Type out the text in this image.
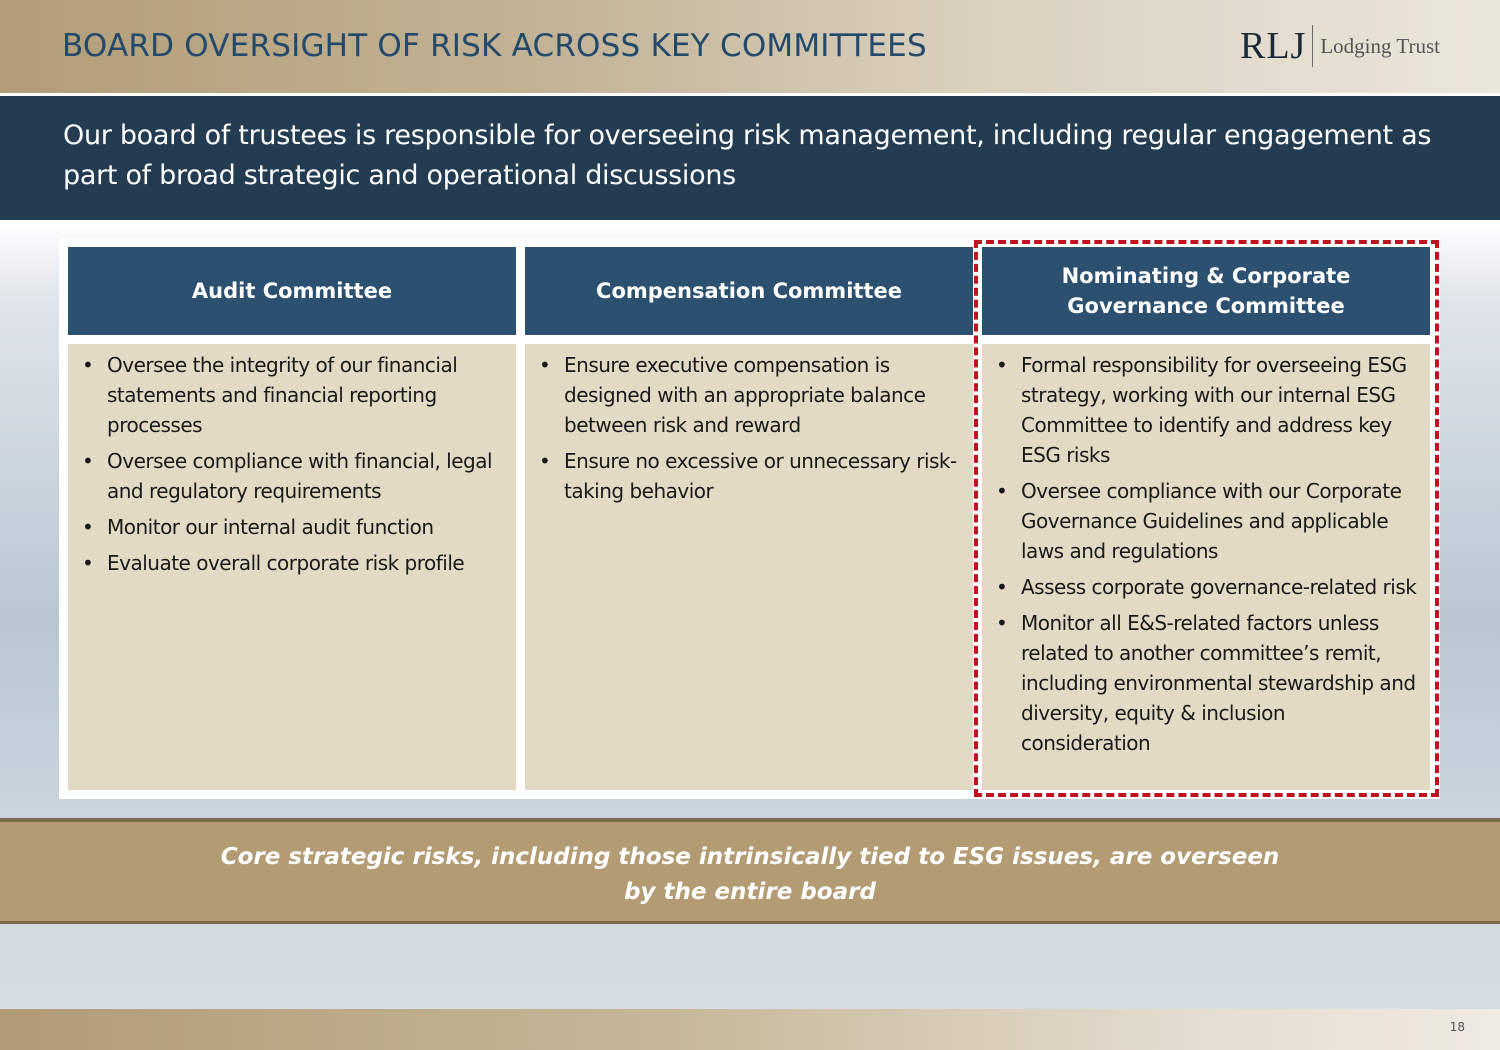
BOARD OVERSIGHT OF RISK ACROSS KEY COMMITTEES	RLJ Lodging Trust
Our board of trustees is responsible for overseeing risk management, including regular engagement as part of broad strategic and operational discussions
Audit Committee
• Oversee the integrity of our financial statements and financial reporting processes
• Oversee compliance with financial, legal and regulatory requirements
• Monitor our internal audit function
• Evaluate overall corporate risk profile
Compensation Committee
• Ensure executive compensation is designed with an appropriate balance between risk and reward
• Ensure no excessive or unnecessary risk-taking behavior
Nominating & Corporate Governance Committee
• Formal responsibility for overseeing ESG strategy, working with our internal ESG Committee to identify and address key ESG risks
• Oversee compliance with our Corporate Governance Guidelines and applicable laws and regulations
• Assess corporate governance-related risk
• Monitor all E&S-related factors unless related to another committee’s remit, including environmental stewardship and diversity, equity & inclusion consideration
Core strategic risks, including those intrinsically tied to ESG issues, are overseen
by the entire board
18
